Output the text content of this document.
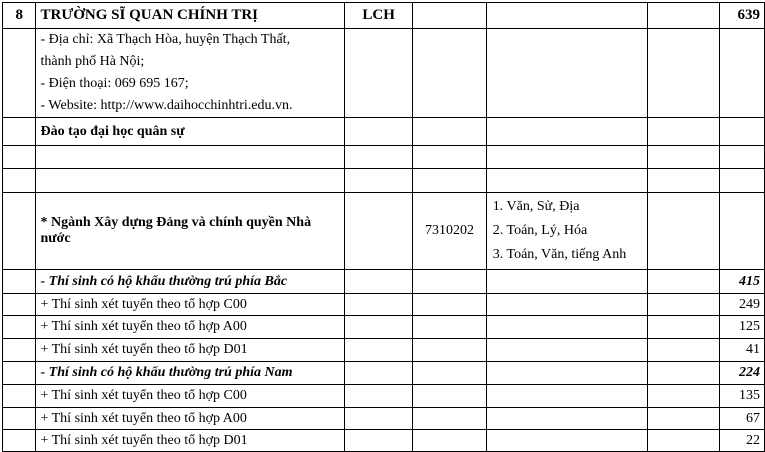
8	TRƯỜNG SĨ QUAN CHÍNH TRỊ	LCH				639

	- Địa chỉ: Xã Thạch Hòa, huyện Thạch Thất,
thành phố Hà Nội;
- Điện thoại: 069 695 167;
- Website: http://www.daihocchinhtri.edu.vn.					

	Đào tạo đại học quân sự					

	* Ngành Xây dựng Đảng và chính quyền Nhà nước		7310202	1. Văn, Sử, Địa
2. Toán, Lý, Hóa
3. Toán, Văn, tiếng Anh		

	- Thí sinh có hộ khẩu thường trú phía Bắc					415
	+ Thí sinh xét tuyển theo tổ hợp C00					249
	+ Thí sinh xét tuyển theo tổ hợp A00					125
	+ Thí sinh xét tuyển theo tổ hợp D01					41
	- Thí sinh có hộ khẩu thường trú phía Nam					224
	+ Thí sinh xét tuyển theo tổ hợp C00					135
	+ Thí sinh xét tuyển theo tổ hợp A00					67
	+ Thí sinh xét tuyển theo tổ hợp D01					22
